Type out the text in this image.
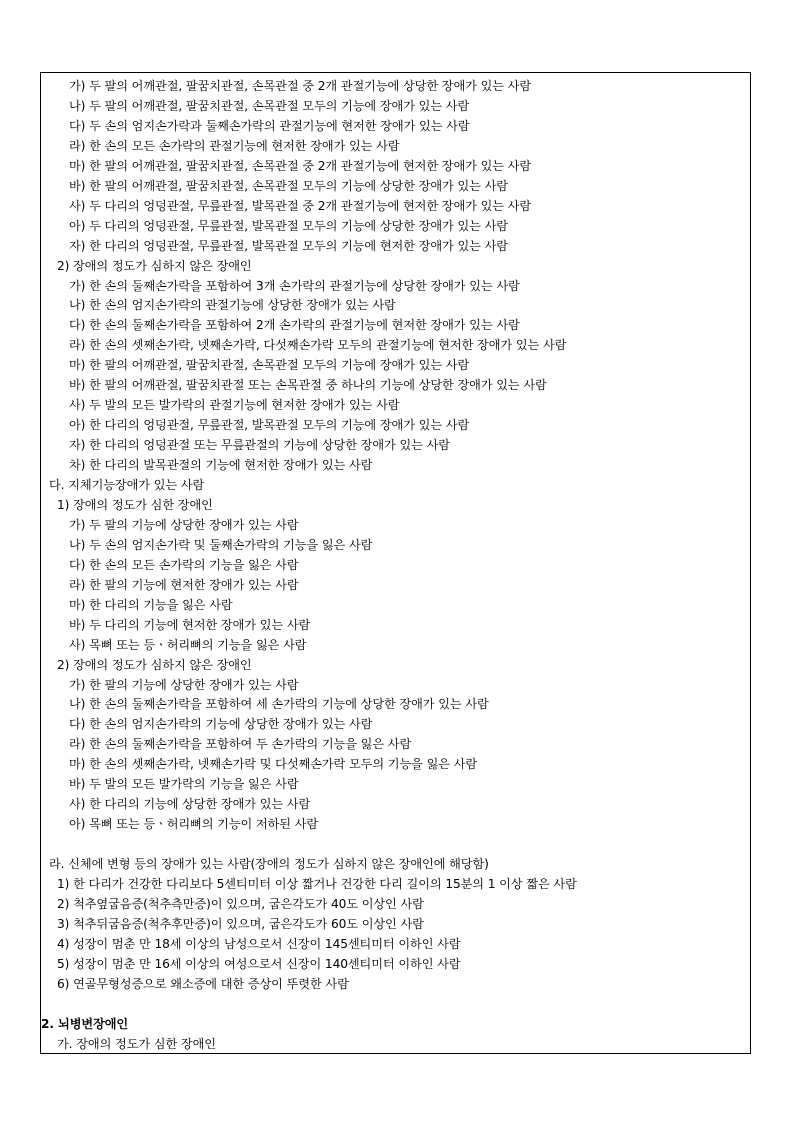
가) 두 팔의 어깨관절, 팔꿈치관절, 손목관절 중 2개 관절기능에 상당한 장애가 있는 사람
나) 두 팔의 어깨관절, 팔꿈치관절, 손목관절 모두의 기능에 장애가 있는 사람
다) 두 손의 엄지손가락과 둘째손가락의 관절기능에 현저한 장애가 있는 사람
라) 한 손의 모든 손가락의 관절기능에 현저한 장애가 있는 사람
마) 한 팔의 어깨관절, 팔꿈치관절, 손목관절 중 2개 관절기능에 현저한 장애가 있는 사람
바) 한 팔의 어깨관절, 팔꿈치관절, 손목관절 모두의 기능에 상당한 장애가 있는 사람
사) 두 다리의 엉덩관절, 무릎관절, 발목관절 중 2개 관절기능에 현저한 장애가 있는 사람
아) 두 다리의 엉덩관절, 무릎관절, 발목관절 모두의 기능에 상당한 장애가 있는 사람
자) 한 다리의 엉덩관절, 무릎관절, 발목관절 모두의 기능에 현저한 장애가 있는 사람
2) 장애의 정도가 심하지 않은 장애인
가) 한 손의 둘째손가락을 포함하여 3개 손가락의 관절기능에 상당한 장애가 있는 사람
나) 한 손의 엄지손가락의 관절기능에 상당한 장애가 있는 사람
다) 한 손의 둘째손가락을 포함하여 2개 손가락의 관절기능에 현저한 장애가 있는 사람
라) 한 손의 셋째손가락, 넷째손가락, 다섯째손가락 모두의 관절기능에 현저한 장애가 있는 사람
마) 한 팔의 어깨관절, 팔꿈치관절, 손목관절 모두의 기능에 장애가 있는 사람
바) 한 팔의 어깨관절, 팔꿈치관절 또는 손목관절 중 하나의 기능에 상당한 장애가 있는 사람
사) 두 발의 모든 발가락의 관절기능에 현저한 장애가 있는 사람
아) 한 다리의 엉덩관절, 무릎관절, 발목관절 모두의 기능에 장애가 있는 사람
자) 한 다리의 엉덩관절 또는 무릎관절의 기능에 상당한 장애가 있는 사람
차) 한 다리의 발목관절의 기능에 현저한 장애가 있는 사람
다. 지체기능장애가 있는 사람
1) 장애의 정도가 심한 장애인
가) 두 팔의 기능에 상당한 장애가 있는 사람
나) 두 손의 엄지손가락 및 둘째손가락의 기능을 잃은 사람
다) 한 손의 모든 손가락의 기능을 잃은 사람
라) 한 팔의 기능에 현저한 장애가 있는 사람
마) 한 다리의 기능을 잃은 사람
바) 두 다리의 기능에 현저한 장애가 있는 사람
사) 목뼈 또는 등ㆍ허리뼈의 기능을 잃은 사람
2) 장애의 정도가 심하지 않은 장애인
가) 한 팔의 기능에 상당한 장애가 있는 사람
나) 한 손의 둘째손가락을 포함하여 세 손가락의 기능에 상당한 장애가 있는 사람
다) 한 손의 엄지손가락의 기능에 상당한 장애가 있는 사람
라) 한 손의 둘째손가락을 포함하여 두 손가락의 기능을 잃은 사람
마) 한 손의 셋째손가락, 넷째손가락 및 다섯째손가락 모두의 기능을 잃은 사람
바) 두 발의 모든 발가락의 기능을 잃은 사람
사) 한 다리의 기능에 상당한 장애가 있는 사람
아) 목뼈 또는 등ㆍ허리뼈의 기능이 저하된 사람
라. 신체에 변형 등의 장애가 있는 사람(장애의 정도가 심하지 않은 장애인에 해당함)
1) 한 다리가 건강한 다리보다 5센티미터 이상 짧거나 건강한 다리 길이의 15분의 1 이상 짧은 사람
2) 척추옆굽음증(척추측만증)이 있으며, 굽은각도가 40도 이상인 사람
3) 척추뒤굽음증(척추후만증)이 있으며, 굽은각도가 60도 이상인 사람
4) 성장이 멈춘 만 18세 이상의 남성으로서 신장이 145센티미터 이하인 사람
5) 성장이 멈춘 만 16세 이상의 여성으로서 신장이 140센티미터 이하인 사람
6) 연골무형성증으로 왜소증에 대한 증상이 뚜렷한 사람
2. 뇌병변장애인
가. 장애의 정도가 심한 장애인
